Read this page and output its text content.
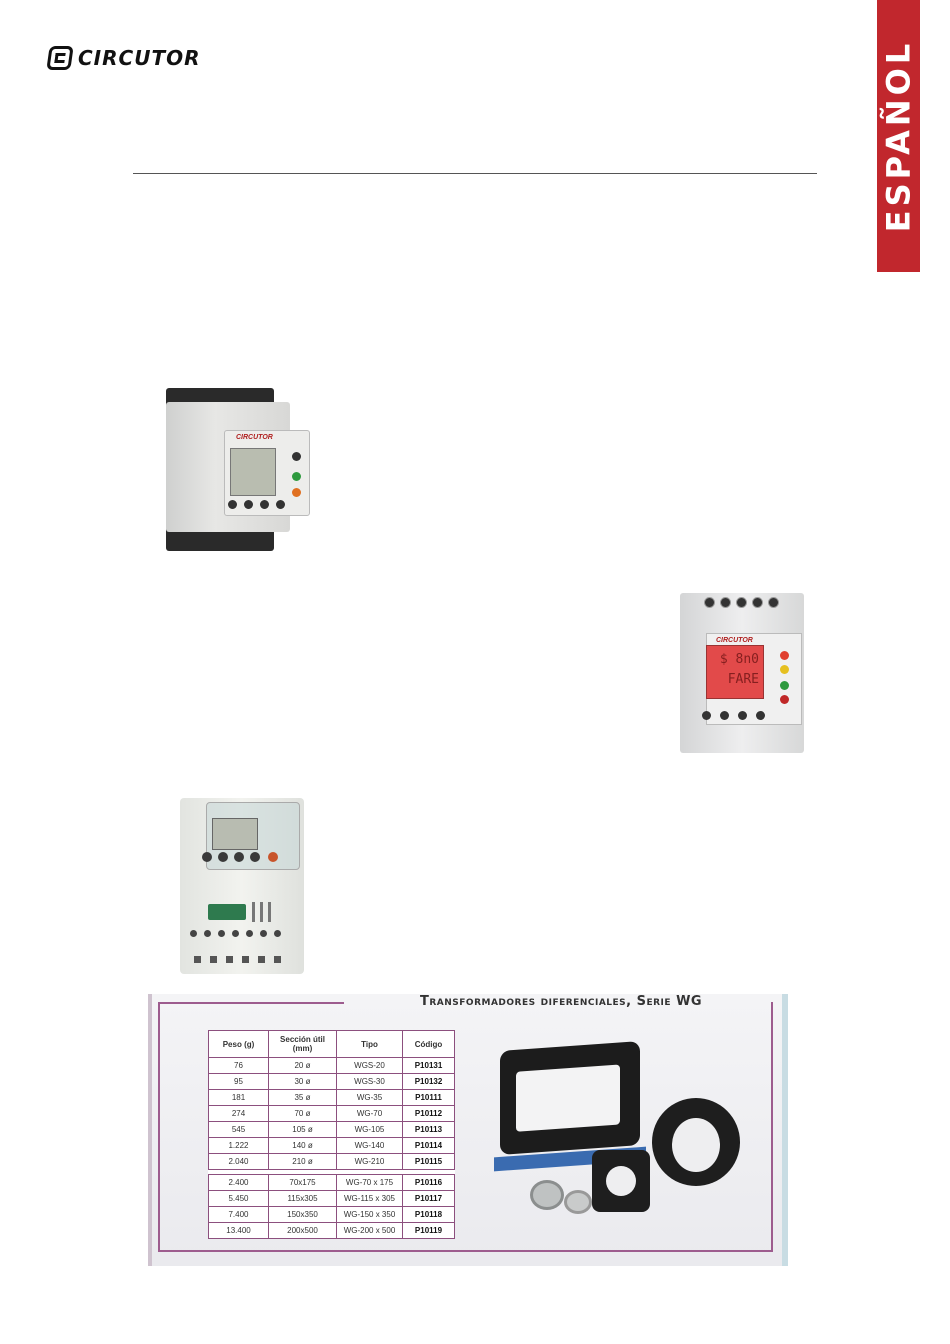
CIRCUTOR	ESPAÑOL
CIRCUTOR
CIRCUTOR
$ 8n0 FARE
Transformadores diferenciales, Serie WG
Peso (g)	Sección útil (mm)	Tipo	Código
76	20 ø	WGS-20	P10131
95	30 ø	WGS-30	P10132
181	35 ø	WG-35	P10111
274	70 ø	WG-70	P10112
545	105 ø	WG-105	P10113
1.222	140 ø	WG-140	P10114
2.040	210 ø	WG-210	P10115

2.400	70x175	WG-70 x 175	P10116
5.450	115x305	WG-115 x 305	P10117
7.400	150x350	WG-150 x 350	P10118
13.400	200x500	WG-200 x 500	P10119
